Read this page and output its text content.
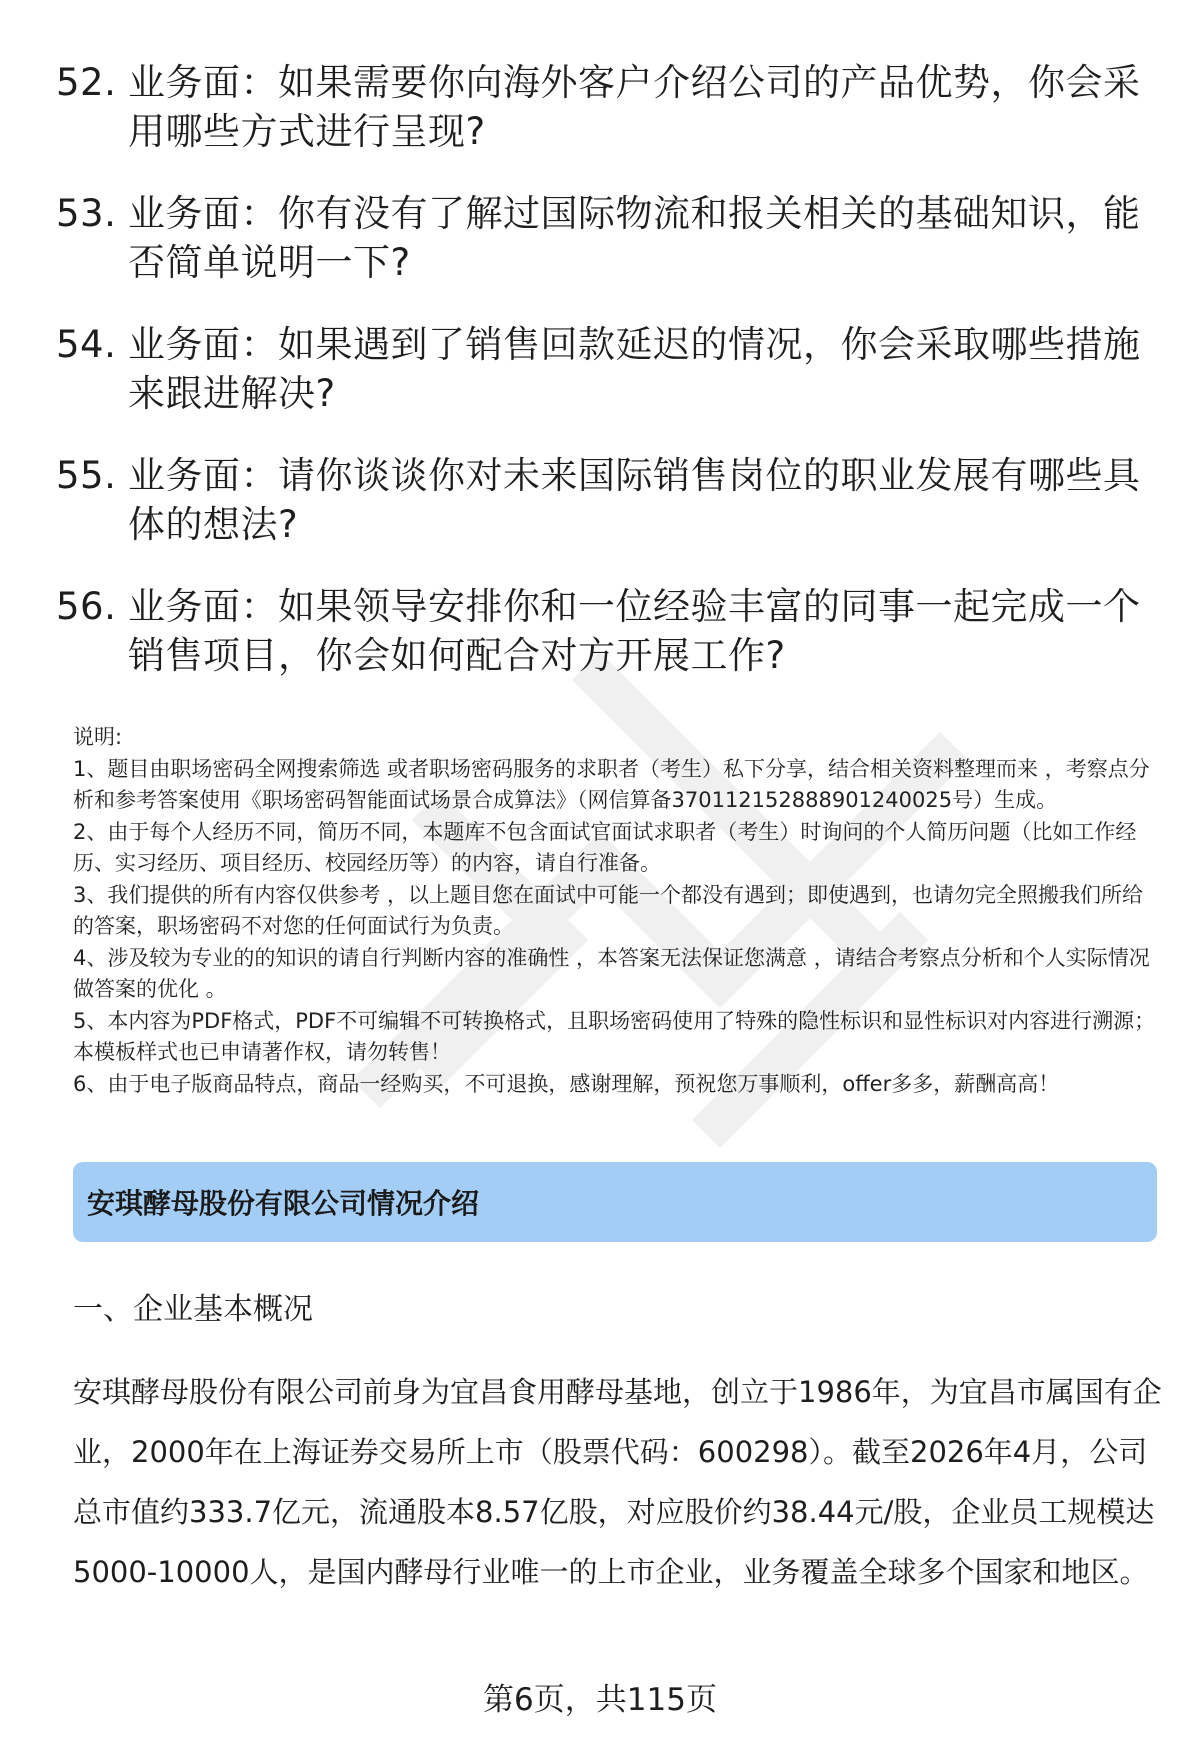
52. 业务面：如果需要你向海外客户介绍公司的产品优势，你会采用哪些方式进行呈现?
53. 业务面：你有没有了解过国际物流和报关相关的基础知识，能否简单说明一下?
54. 业务面：如果遇到了销售回款延迟的情况，你会采取哪些措施来跟进解决?
55. 业务面：请你谈谈你对未来国际销售岗位的职业发展有哪些具体的想法?
56. 业务面：如果领导安排你和一位经验丰富的同事一起完成一个销售项目，你会如何配合对方开展工作?

说明:

1、题目由职场密码全网搜索筛选 或者职场密码服务的求职者（考生）私下分享，结合相关资料整理而来 ，考察点分析和参考答案使用《职场密码智能面试场景合成算法》（网信算备370112152888901240025号）生成。

2、由于每个人经历不同，简历不同，本题库不包含面试官面试求职者（考生）时询问的个人简历问题（比如工作经历、实习经历、项目经历、校园经历等）的内容，请自行准备。

3、我们提供的所有内容仅供参考 ，以上题目您在面试中可能一个都没有遇到；即使遇到，也请勿完全照搬我们所给的答案，职场密码不对您的任何面试行为负责。

4、涉及较为专业的的知识的请自行判断内容的准确性 ，本答案无法保证您满意 ，请结合考察点分析和个人实际情况做答案的优化 。

5、本内容为PDF格式，PDF不可编辑不可转换格式，且职场密码使用了特殊的隐性标识和显性标识对内容进行溯源；本模板样式也已申请著作权，请勿转售！

6、由于电子版商品特点，商品一经购买，不可退换，感谢理解，预祝您万事顺利，offer多多，薪酬高高！

安琪酵母股份有限公司情况介绍
一、企业基本概况

安琪酵母股份有限公司前身为宜昌食用酵母基地，创立于1986年，为宜昌市属国有企业，2000年在上海证券交易所上市（股票代码：600298）。截至2026年4月，公司总市值约333.7亿元，流通股本8.57亿股，对应股价约38.44元/股，企业员工规模达5000-10000人，是国内酵母行业唯一的上市企业，业务覆盖全球多个国家和地区。

第6页，共115页
